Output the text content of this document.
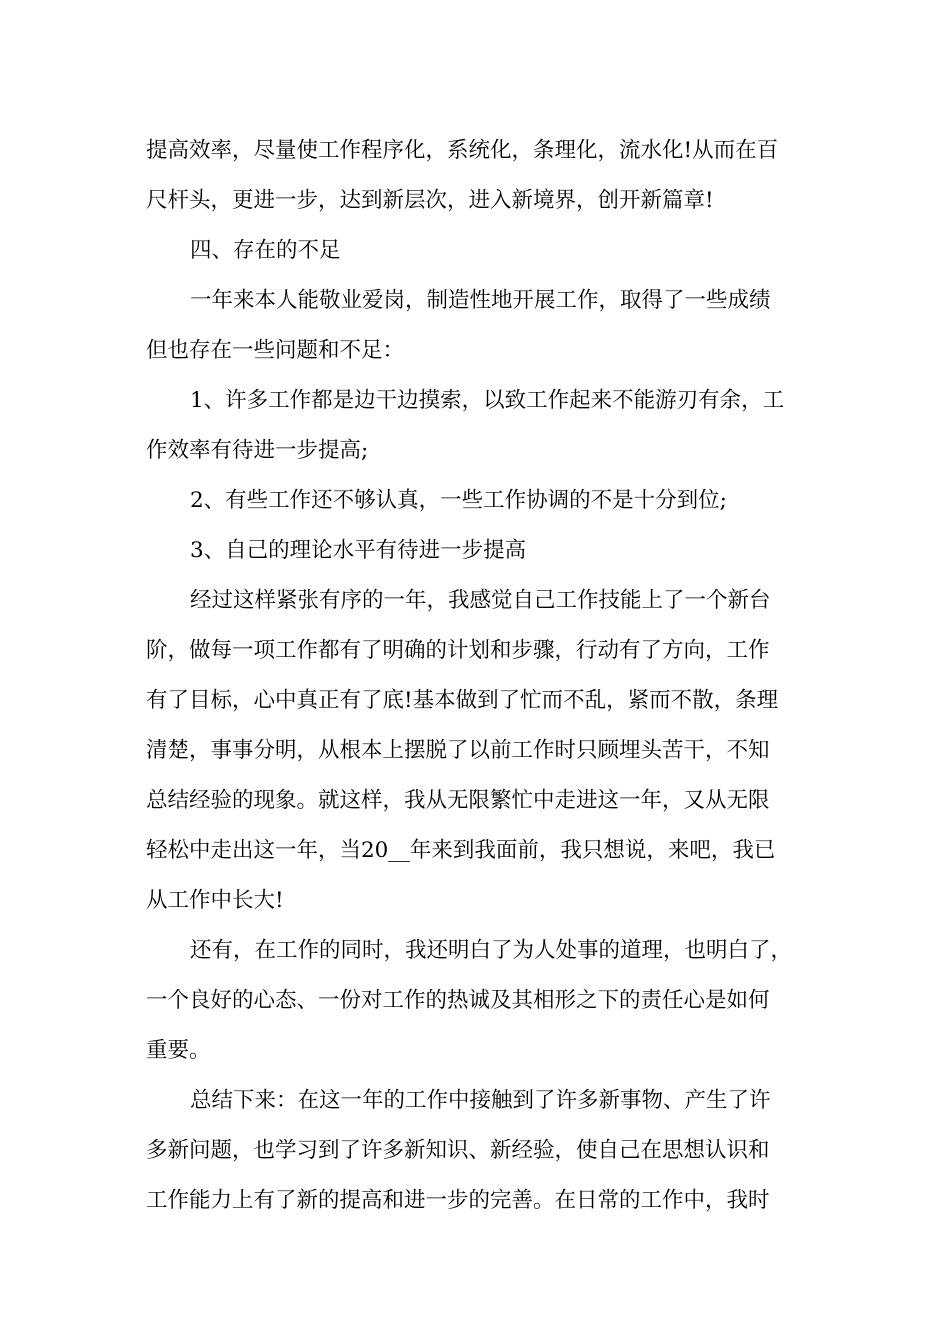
提高效率，尽量使工作程序化，系统化，条理化，流水化!从而在百
尺杆头，更进一步，达到新层次，进入新境界，创开新篇章!
四、存在的不足
一年来本人能敬业爱岗，制造性地开展工作，取得了一些成绩
但也存在一些问题和不足：
1、许多工作都是边干边摸索，以致工作起来不能游刃有余，工
作效率有待进一步提高;
2、有些工作还不够认真，一些工作协调的不是十分到位;
3、自己的理论水平有待进一步提高
经过这样紧张有序的一年，我感觉自己工作技能上了一个新台
阶，做每一项工作都有了明确的计划和步骤，行动有了方向，工作
有了目标，心中真正有了底!基本做到了忙而不乱，紧而不散，条理
清楚，事事分明，从根本上摆脱了以前工作时只顾埋头苦干，不知
总结经验的现象。就这样，我从无限繁忙中走进这一年，又从无限
轻松中走出这一年，当20__年来到我面前，我只想说，来吧，我已
从工作中长大!
还有，在工作的同时，我还明白了为人处事的道理，也明白了，
一个良好的心态、一份对工作的热诚及其相形之下的责任心是如何
重要。
总结下来：在这一年的工作中接触到了许多新事物、产生了许
多新问题，也学习到了许多新知识、新经验，使自己在思想认识和
工作能力上有了新的提高和进一步的完善。在日常的工作中，我时
